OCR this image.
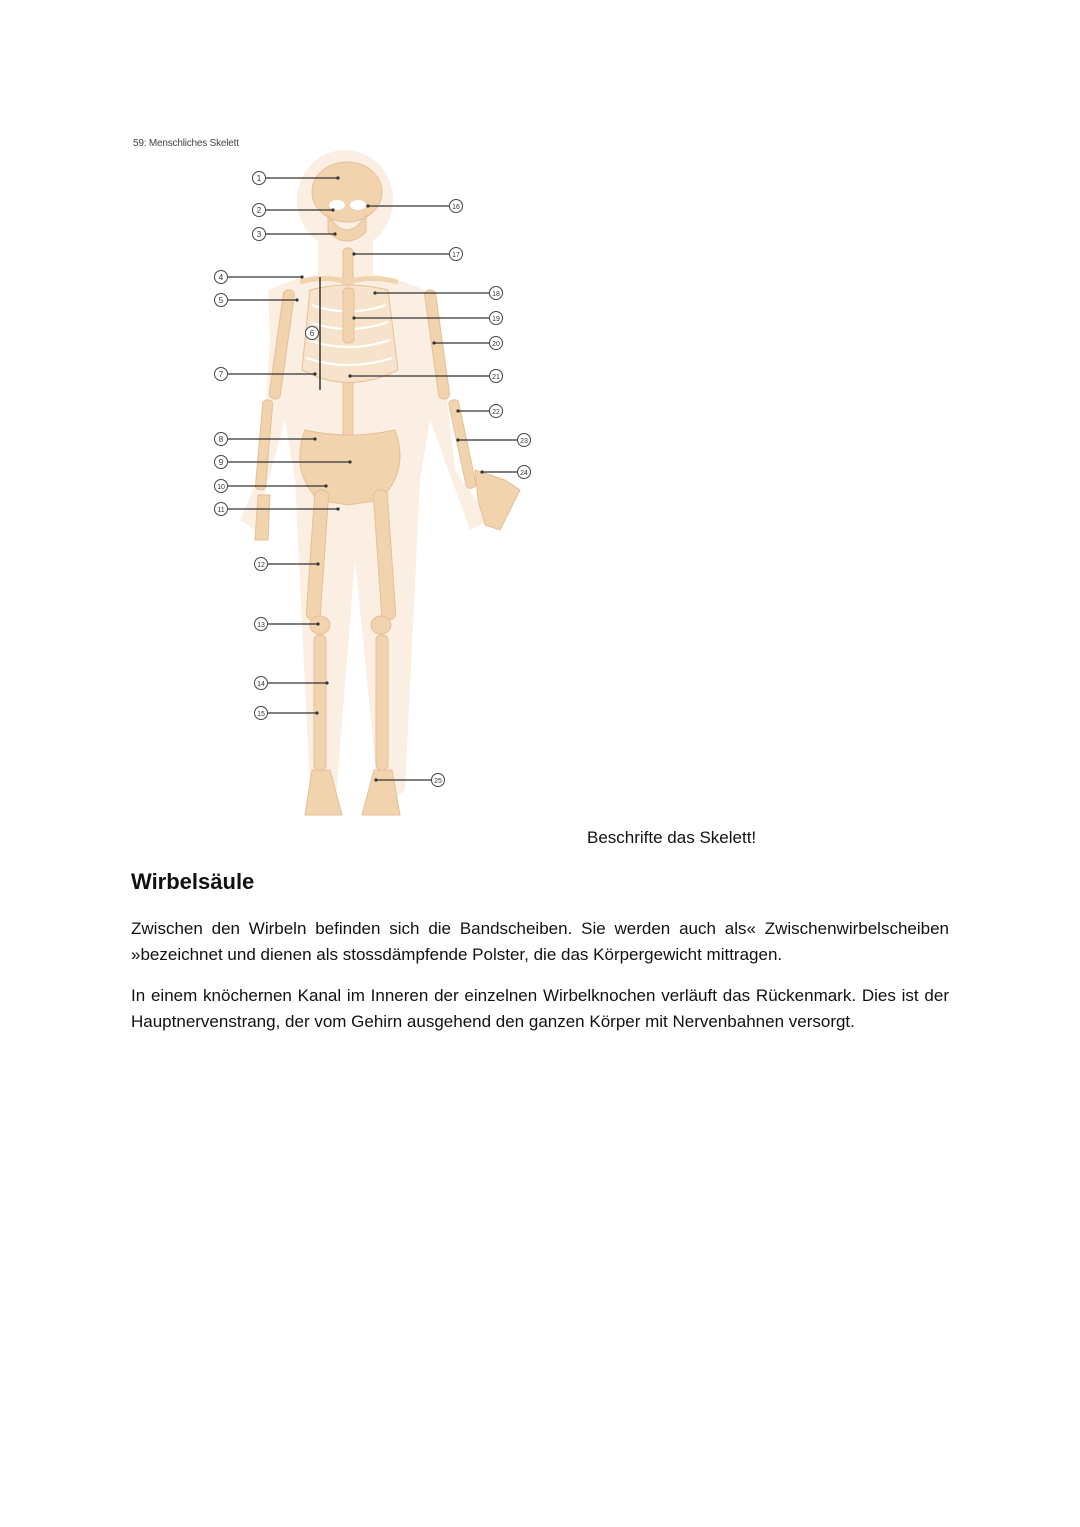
59: Menschliches Skelett
1
2
3
4
5
6
7
8
9
10
11
12
13
14
15
16
17
18
19
20
21
22
23
24
25
Beschrifte das Skelett!
Wirbelsäule

Zwischen den Wirbeln befinden sich die Bandscheiben. Sie werden auch als« Zwischenwirbelscheiben »bezeichnet und dienen als stossdämpfende Polster, die das Körpergewicht mittragen.

In einem knöchernen Kanal im Inneren der einzelnen Wirbelknochen verläuft das Rückenmark. Dies ist der Hauptnervenstrang, der vom Gehirn ausgehend den ganzen Körper mit Nervenbahnen versorgt.
